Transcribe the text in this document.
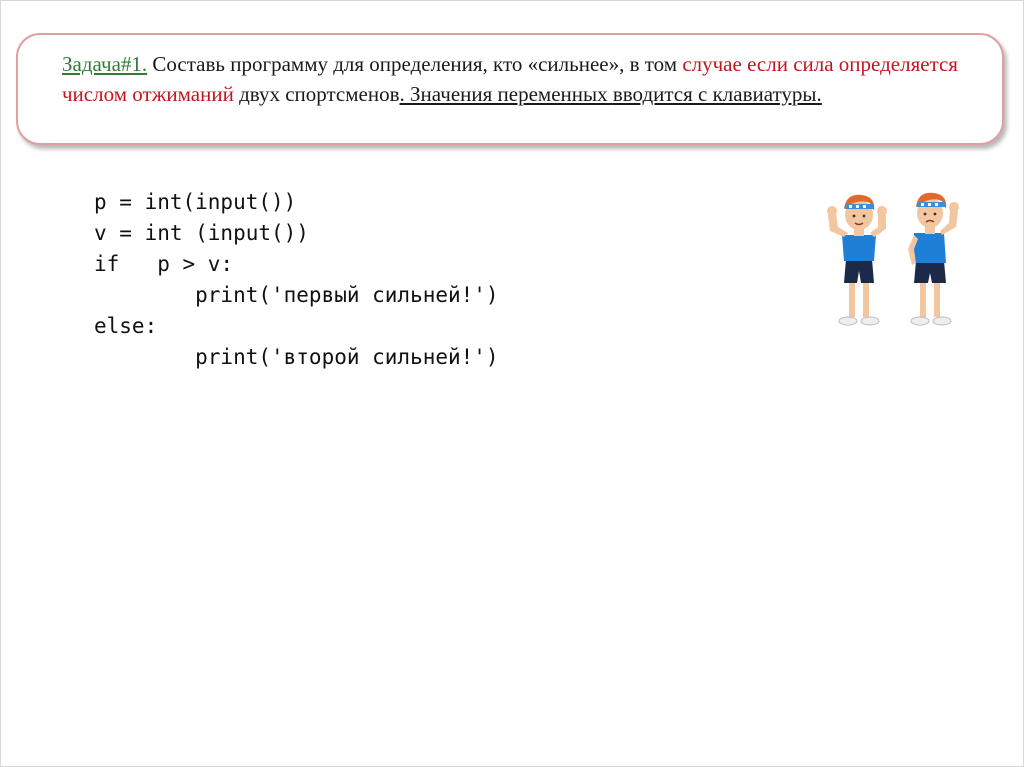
Задача#1. Составь программу для определения, кто «сильнее», в том случае если сила определяется числом отжиманий двух спортсменов. Значения переменных вводится с клавиатуры.
p = int(input())
v = int (input())
if   p > v:
print('первый сильней!')
else:
print('второй сильней!')
